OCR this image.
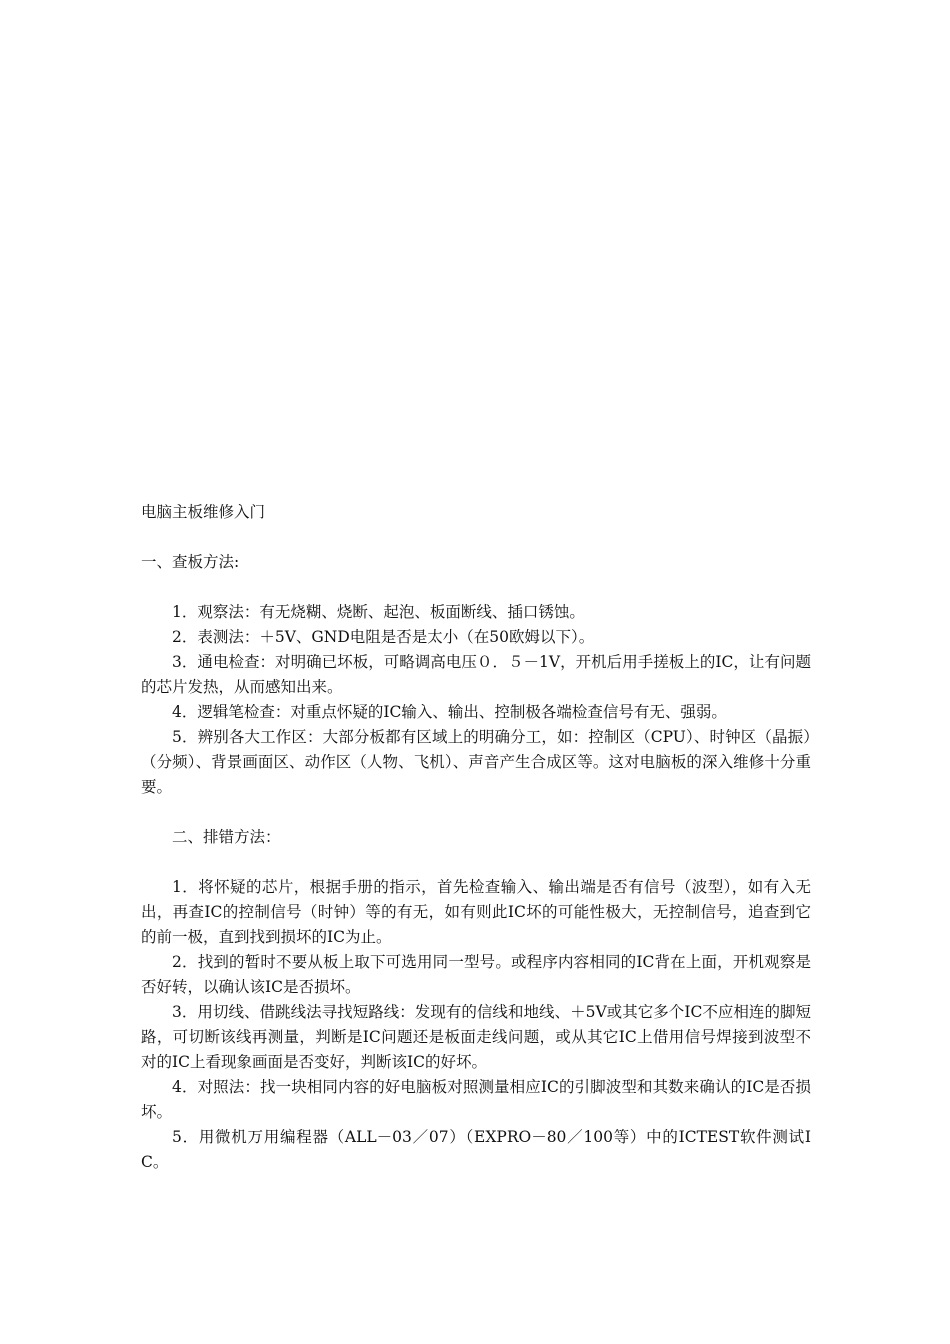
电脑主板维修入门
一、查板方法:

1．观察法：有无烧糊、烧断、起泡、板面断线、插口锈蚀。

2．表测法：＋5V、GND电阻是否是太小（在50欧姆以下）。

3．通电检查：对明确已坏板，可略调高电压０．５－1V，开机后用手搓板上的IC，让有问题的芯片发热，从而感知出来。

4．逻辑笔检查：对重点怀疑的IC输入、输出、控制极各端检查信号有无、强弱。

5．辨别各大工作区：大部分板都有区域上的明确分工，如：控制区（CPU）、时钟区（晶振）（分频）、背景画面区、动作区（人物、飞机）、声音产生合成区等。这对电脑板的深入维修十分重要。

二、排错方法：

1．将怀疑的芯片，根据手册的指示，首先检查输入、输出端是否有信号（波型），如有入无出，再查IC的控制信号（时钟）等的有无，如有则此IC坏的可能性极大，无控制信号，追查到它的前一极，直到找到损坏的IC为止。

2．找到的暂时不要从板上取下可选用同一型号。或程序内容相同的IC背在上面，开机观察是否好转，以确认该IC是否损坏。

3．用切线、借跳线法寻找短路线：发现有的信线和地线、＋5V或其它多个IC不应相连的脚短路，可切断该线再测量，判断是IC问题还是板面走线问题，或从其它IC上借用信号焊接到波型不对的IC上看现象画面是否变好，判断该IC的好坏。

4．对照法：找一块相同内容的好电脑板对照测量相应IC的引脚波型和其数来确认的IC是否损坏。

5．用微机万用编程器（ALL－03／07）（EXPRO－80／100等）中的ICTEST软件测试IC。
